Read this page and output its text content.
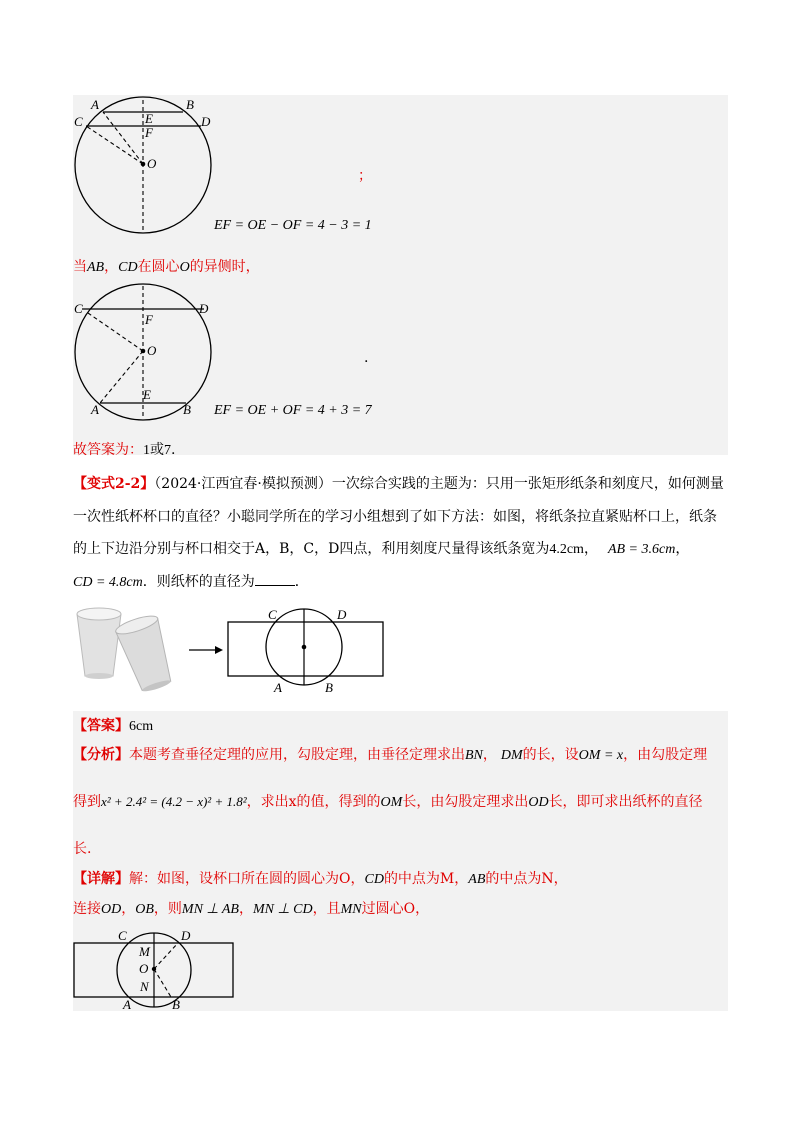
A	B
C	D
E
F
O
；
EF = OE − OF = 4 − 3 = 1
当AB，CD在圆心O的异侧时，
C	D
F
O
E
A	B
.
EF = OE + OF = 4 + 3 = 7
故答案为：1或7.
【变式2-2】（2024·江西宜春·模拟预测）一次综合实践的主题为：只用一张矩形纸条和刻度尺，如何测量
一次性纸杯杯口的直径？小聪同学所在的学习小组想到了如下方法：如图，将纸条拉直紧贴杯口上，纸条
的上下边沿分别与杯口相交于A，B，C，D四点，利用刻度尺量得该纸条宽为4.2cm， AB = 3.6cm，
CD = 4.8cm．则纸杯的直径为	．
C	D
A	B
【答案】6cm
【分析】本题考查垂径定理的应用，勾股定理，由垂径定理求出BN， DM的长，设OM = x，由勾股定理
得到x² + 2.4² = (4.2 − x)² + 1.8²，求出x的值，得到的OM长，由勾股定理求出OD长，即可求出纸杯的直径
长.
【详解】解：如图，设杯口所在圆的圆心为O，CD的中点为M，AB的中点为N，
连接OD，OB，则MN ⊥ AB，MN ⊥ CD，且MN过圆心O，
C	D
M
O
N
A	B
